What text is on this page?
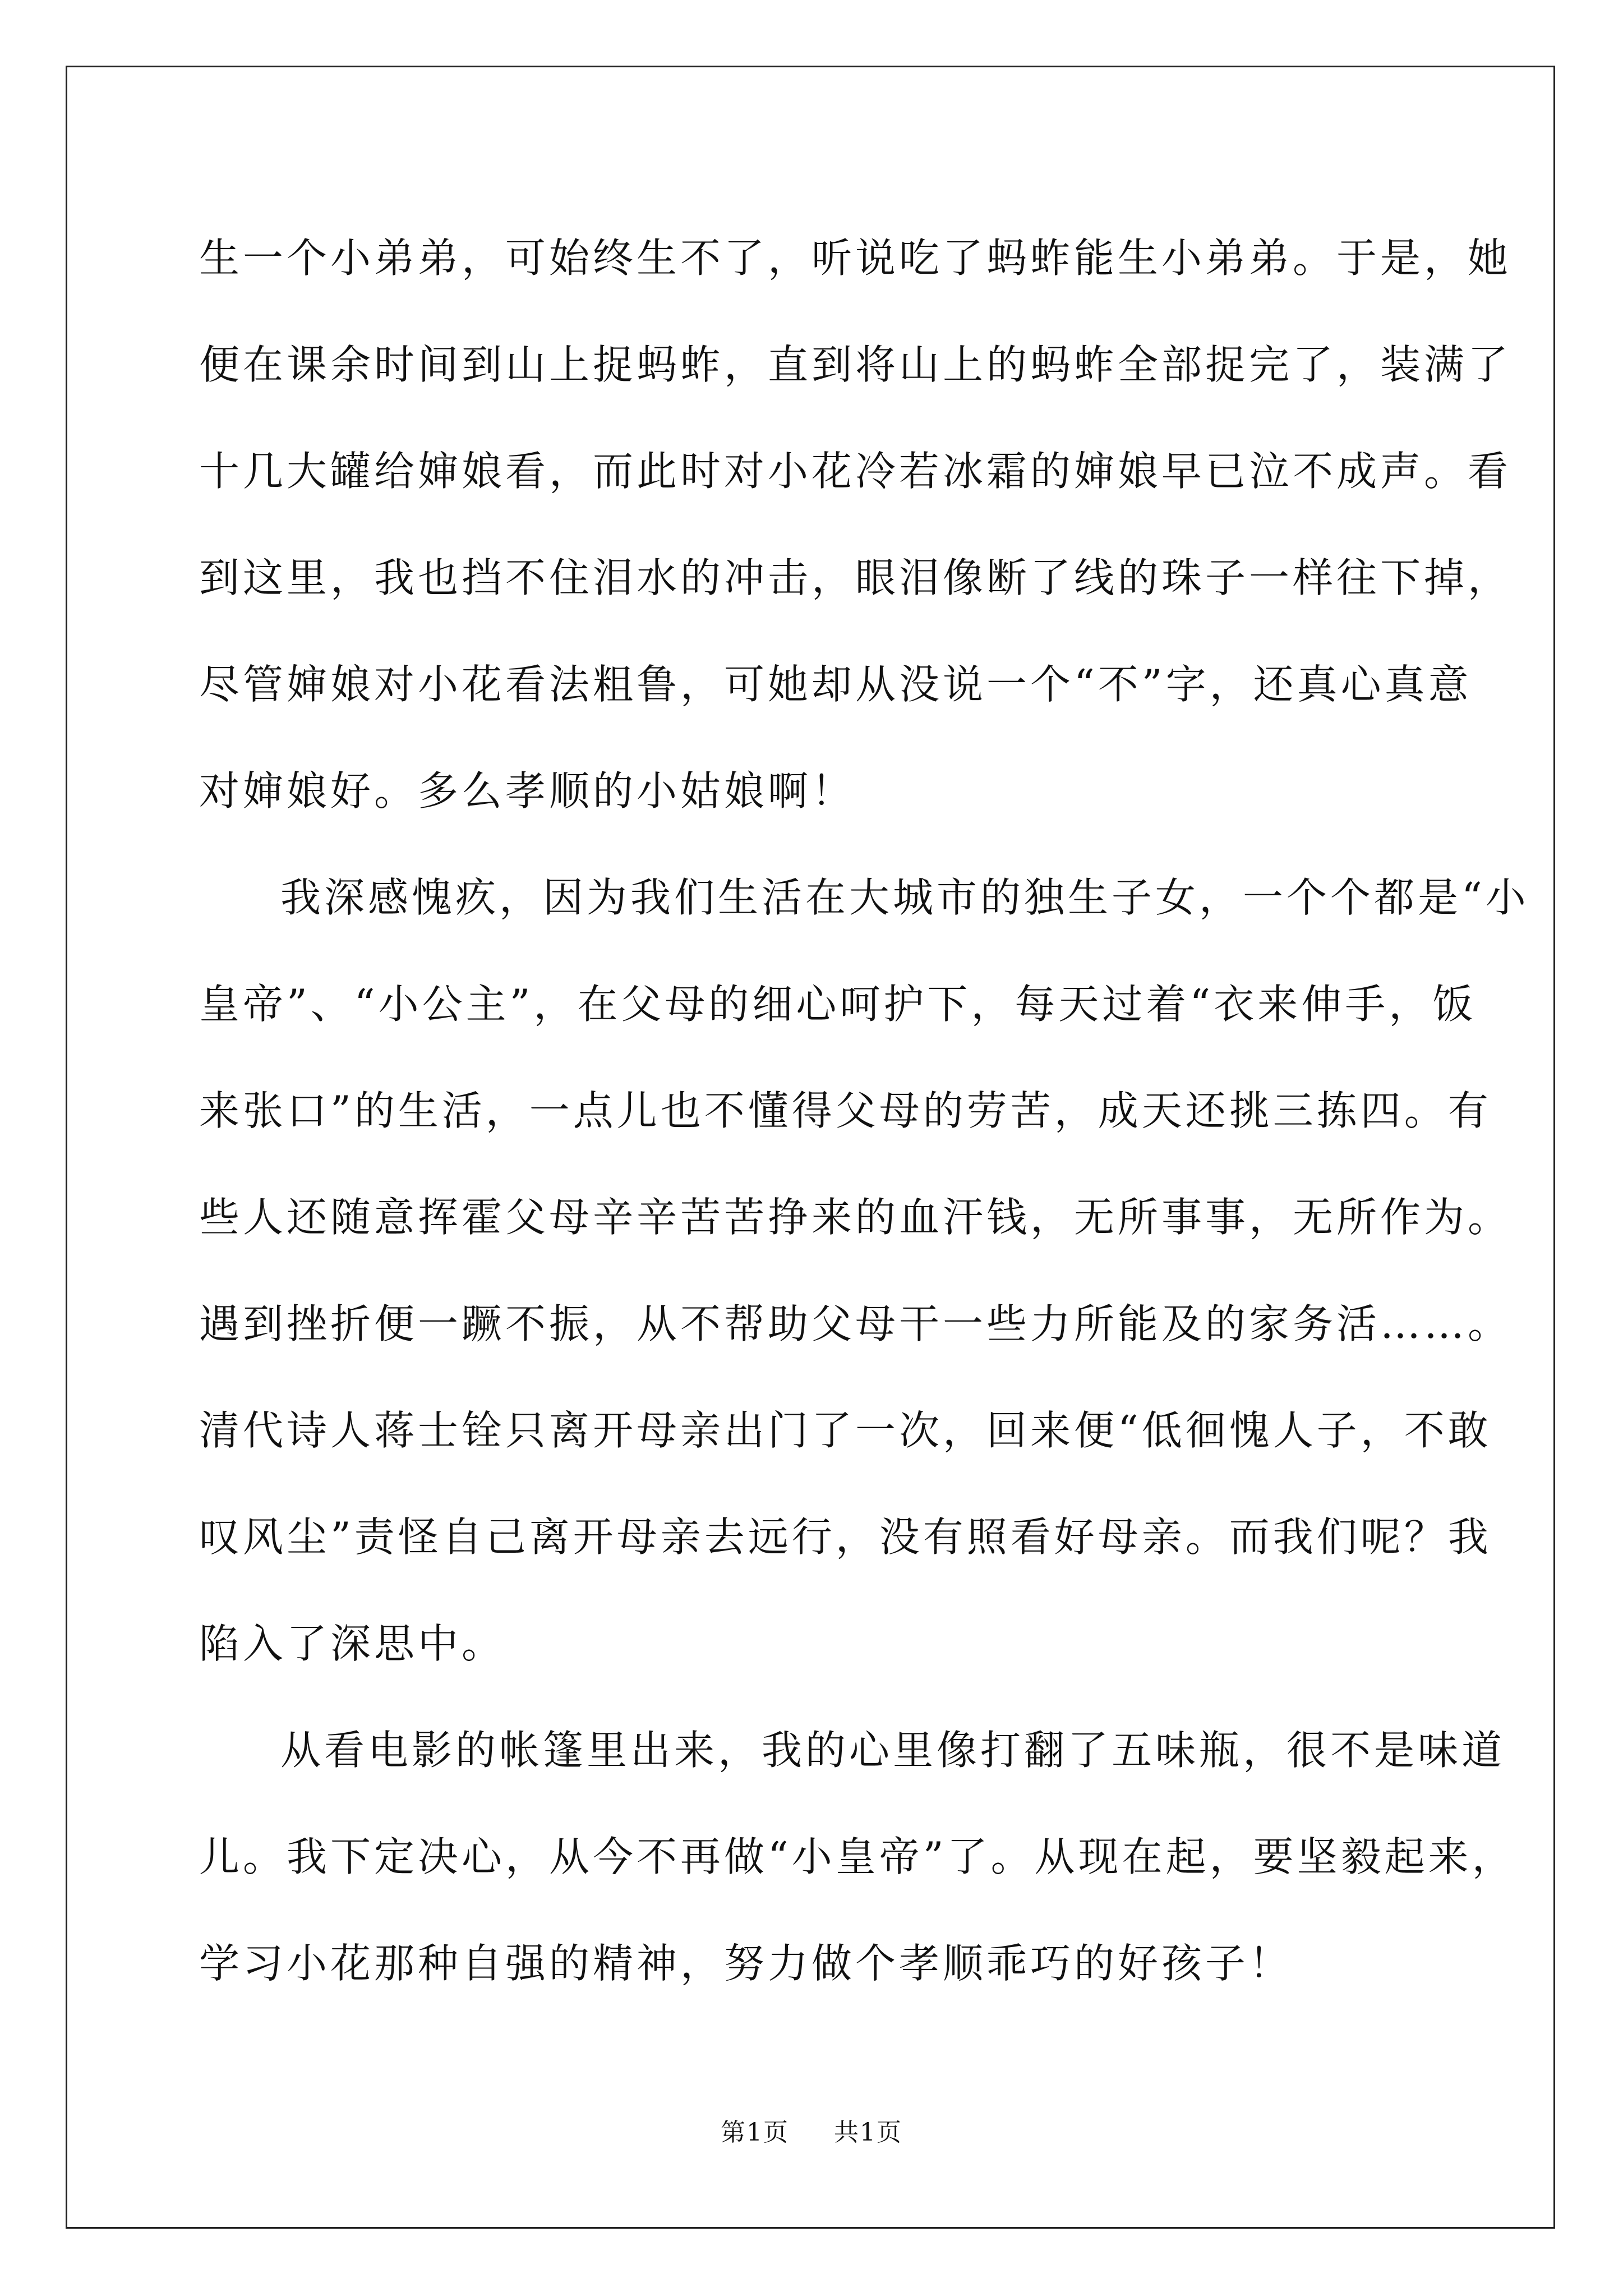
生一个小弟弟，可始终生不了，听说吃了蚂蚱能生小弟弟。于是，她
便在课余时间到山上捉蚂蚱，直到将山上的蚂蚱全部捉完了，装满了
十几大罐给婶娘看，而此时对小花冷若冰霜的婶娘早已泣不成声。看
到这里，我也挡不住泪水的冲击，眼泪像断了线的珠子一样往下掉，
尽管婶娘对小花看法粗鲁，可她却从没说一个“不”字，还真心真意
对婶娘好。多么孝顺的小姑娘啊！
我深感愧疚，因为我们生活在大城市的独生子女，一个个都是“小
皇帝”、“小公主”，在父母的细心呵护下，每天过着“衣来伸手，饭
来张口”的生活，一点儿也不懂得父母的劳苦，成天还挑三拣四。有
些人还随意挥霍父母辛辛苦苦挣来的血汗钱，无所事事，无所作为。
遇到挫折便一蹶不振，从不帮助父母干一些力所能及的家务活……。
清代诗人蒋士铨只离开母亲出门了一次，回来便“低徊愧人子，不敢
叹风尘”责怪自己离开母亲去远行，没有照看好母亲。而我们呢？我
陷入了深思中。
从看电影的帐篷里出来，我的心里像打翻了五味瓶，很不是味道
儿。我下定决心，从今不再做“小皇帝”了。从现在起，要坚毅起来，
学习小花那种自强的精神，努力做个孝顺乖巧的好孩子！
第1页 共1页
